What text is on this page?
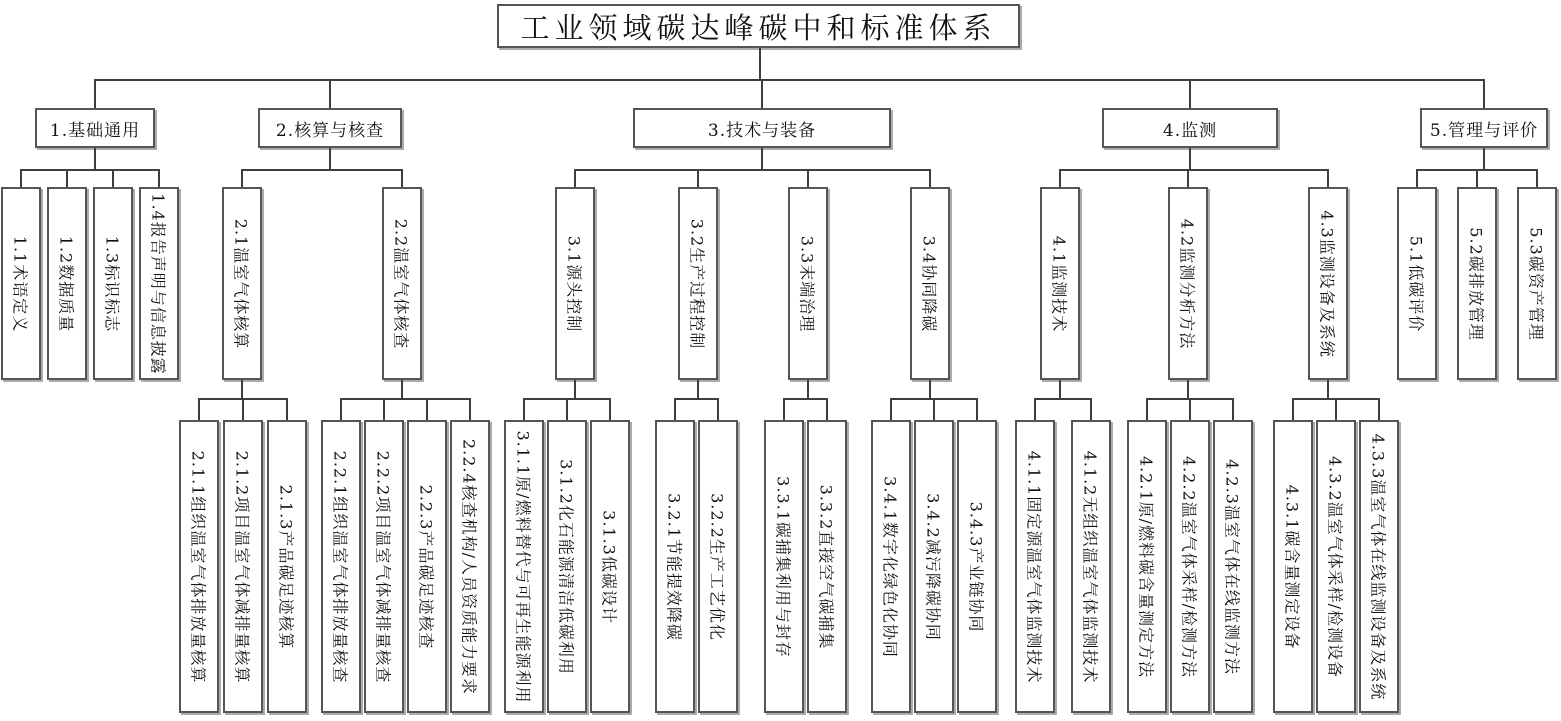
工业领域碳达峰碳中和标准体系
1.基础通用
1.1术语定义 1.2数据质量 1.3标识标志 1.4报告声明与信息披露
2.核算与核查
2.1温室气体核算
2.1.1组织温室气体排放量核算 2.1.2项目温室气体减排量核算 2.1.3产品碳足迹核算
2.2温室气体核查
2.2.1组织温室气体排放量核查 2.2.2项目温室气体减排量核查 2.2.3产品碳足迹核查 2.2.4核查机构/人员资质能力要求
3.技术与装备
3.1源头控制
3.1.1原/燃料替代与可再生能源利用 3.1.2化石能源清洁低碳利用 3.1.3低碳设计
3.2生产过程控制
3.2.1节能提效降碳 3.2.2生产工艺优化
3.3末端治理
3.3.1碳捕集利用与封存 3.3.2直接空气碳捕集
3.4协同降碳
3.4.1数字化绿色化协同 3.4.2减污降碳协同 3.4.3产业链协同
4.监测
4.1监测技术
4.1.1固定源温室气体监测技术 4.1.2无组织温室气体监测技术
4.2监测分析方法
4.2.1原/燃料碳含量测定方法 4.2.2温室气体采样/检测方法 4.2.3温室气体在线监测方法
4.3监测设备及系统
4.3.1碳含量测定设备 4.3.2温室气体采样/检测设备 4.3.3温室气体在线监测设备及系统
5.管理与评价
5.1低碳评价	5.2碳排放管理	5.3碳资产管理
